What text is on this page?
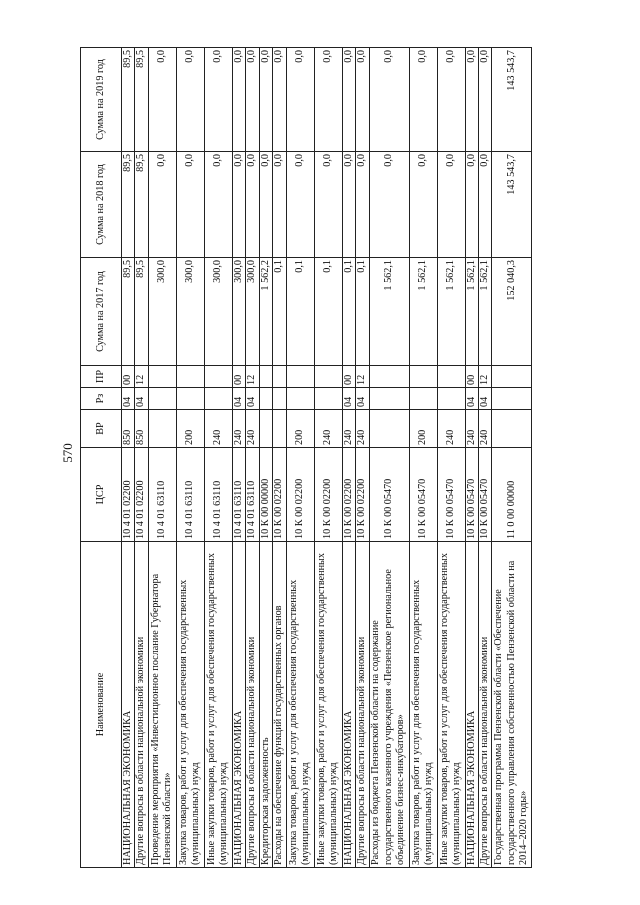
570
Наименование	ЦСР	ВР	Рз	ПР	Сумма на 2017 год	Сумма на 2018 год	Сумма на 2019 год
НАЦИОНАЛЬНАЯ ЭКОНОМИКА	10 4 01 02200	850	04	00	89,5	89,5	89,5
Другие вопросы в области национальной экономики	10 4 01 02200	850	04	12	89,5	89,5	89,5
Проведение мероприятия «Инвестиционное послание Губернатора Пензенской области»	10 4 01 63110				300,0	0,0	0,0
Закупка товаров, работ и услуг для обеспечения государственных (муниципальных) нужд	10 4 01 63110	200			300,0	0,0	0,0
Иные закупки товаров, работ и услуг для обеспечения государственных (муниципальных) нужд	10 4 01 63110	240			300,0	0,0	0,0
НАЦИОНАЛЬНАЯ ЭКОНОМИКА	10 4 01 63110	240	04	00	300,0	0,0	0,0
Другие вопросы в области национальной экономики	10 4 01 63110	240	04	12	300,0	0,0	0,0
Кредиторская задолженность	10 К 00 00000				1 562,2	0,0	0,0
Расходы на обеспечение функций государственных органов	10 К 00 02200				0,1	0,0	0,0
Закупка товаров, работ и услуг для обеспечения государственных (муниципальных) нужд	10 К 00 02200	200			0,1	0,0	0,0
Иные закупки товаров, работ и услуг для обеспечения государственных (муниципальных) нужд	10 К 00 02200	240			0,1	0,0	0,0
НАЦИОНАЛЬНАЯ ЭКОНОМИКА	10 К 00 02200	240	04	00	0,1	0,0	0,0
Другие вопросы в области национальной экономики	10 К 00 02200	240	04	12	0,1	0,0	0,0
Расходы из бюджета Пензенской области на содержание государственного казенного учреждения «Пензенское региональное объединение бизнес-инкубаторов»	10 К 00 05470				1 562,1	0,0	0,0
Закупка товаров, работ и услуг для обеспечения государственных (муниципальных) нужд	10 К 00 05470	200			1 562,1	0,0	0,0
Иные закупки товаров, работ и услуг для обеспечения государственных (муниципальных) нужд	10 К 00 05470	240			1 562,1	0,0	0,0
НАЦИОНАЛЬНАЯ ЭКОНОМИКА	10 К 00 05470	240	04	00	1 562,1	0,0	0,0
Другие вопросы в области национальной экономики	10 К 00 05470	240	04	12	1 562,1	0,0	0,0
Государственная программа Пензенской области «Обеспечение государственного управления собственностью Пензенской области на 2014–2020 годы»	11 0 00 00000				152 040,3	143 543,7	143 543,7
